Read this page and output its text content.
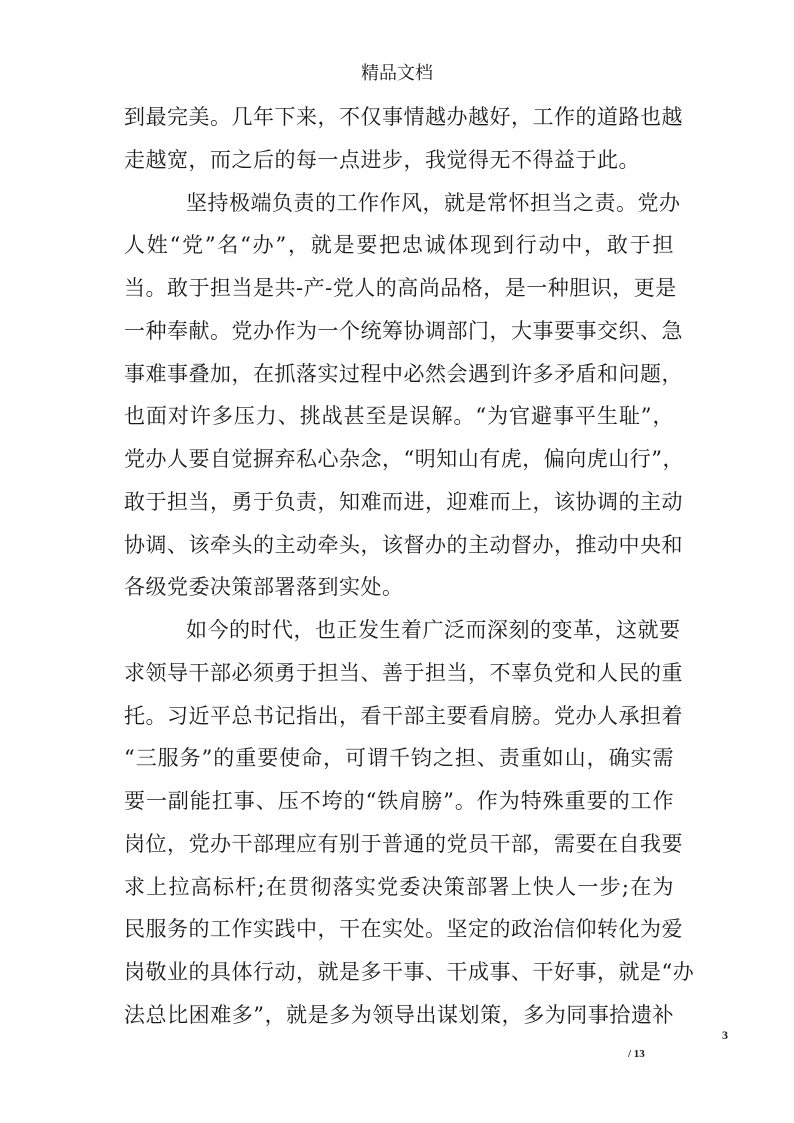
精品文档
到最完美。几年下来，不仅事情越办越好，工作的道路也越
走越宽，而之后的每一点进步，我觉得无不得益于此。
坚持极端负责的工作作风，就是常怀担当之责。党办
人姓“党”名“办”，就是要把忠诚体现到行动中，敢于担
当。敢于担当是共-产-党人的高尚品格，是一种胆识，更是
一种奉献。党办作为一个统筹协调部门，大事要事交织、急
事难事叠加，在抓落实过程中必然会遇到许多矛盾和问题，
也面对许多压力、挑战甚至是误解。“为官避事平生耻”，
党办人要自觉摒弃私心杂念，“明知山有虎，偏向虎山行”，
敢于担当，勇于负责，知难而进，迎难而上，该协调的主动
协调、该牵头的主动牵头，该督办的主动督办，推动中央和
各级党委决策部署落到实处。
如今的时代，也正发生着广泛而深刻的变革，这就要
求领导干部必须勇于担当、善于担当，不辜负党和人民的重
托。习近平总书记指出，看干部主要看肩膀。党办人承担着
“三服务”的重要使命，可谓千钧之担、责重如山，确实需
要一副能扛事、压不垮的“铁肩膀”。作为特殊重要的工作
岗位，党办干部理应有别于普通的党员干部，需要在自我要
求上拉高标杆;在贯彻落实党委决策部署上快人一步;在为
民服务的工作实践中，干在实处。坚定的政治信仰转化为爱
岗敬业的具体行动，就是多干事、干成事、干好事，就是“办
法总比困难多”，就是多为领导出谋划策，多为同事拾遗补
3
/ 13
